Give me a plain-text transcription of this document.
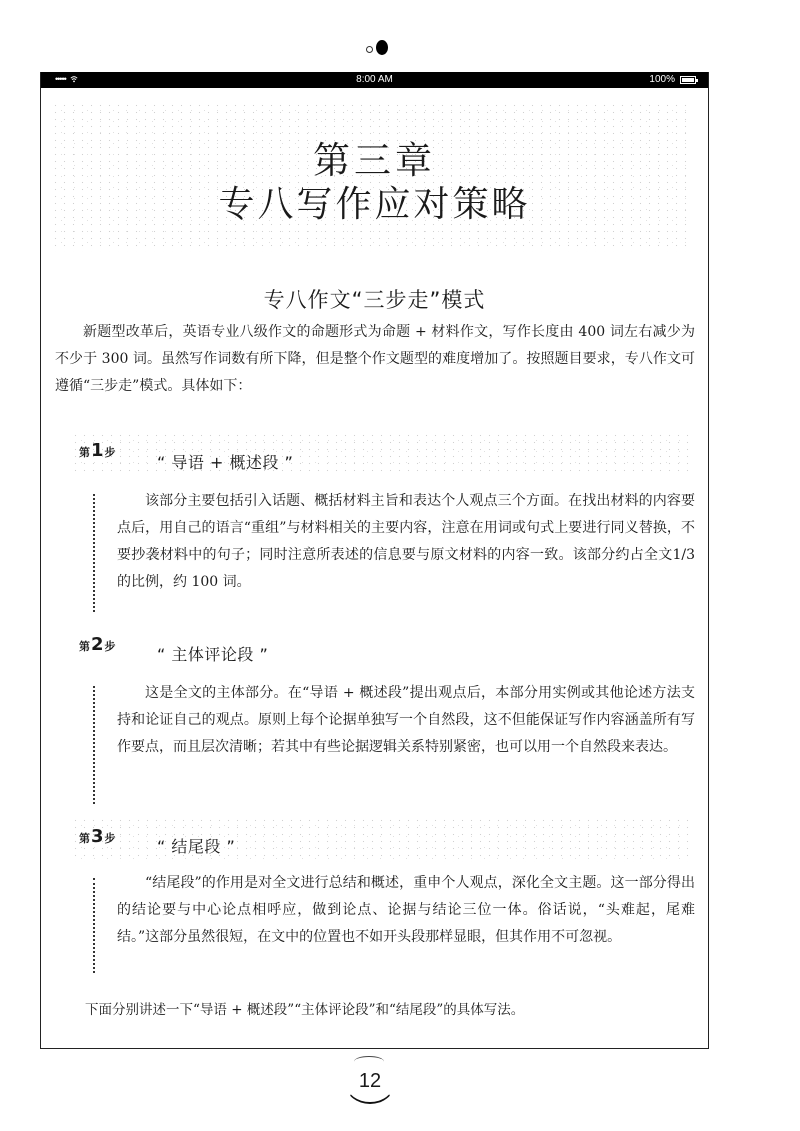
•••••	8:00 AM	100%
第三章
专八写作应对策略
专八作文“三步走”模式
新题型改革后，英语专业八级作文的命题形式为命题 + 材料作文，写作长度由 400 词左右减少为不少于 300 词。虽然写作词数有所下降，但是整个作文题型的难度增加了。按照题目要求，专八作文可遵循“三步走”模式。具体如下：
第 1 步
“ 导语 + 概述段 ”
该部分主要包括引入话题、概括材料主旨和表达个人观点三个方面。在找出材料的内容要点后，用自己的语言“重组”与材料相关的主要内容，注意在用词或句式上要进行同义替换，不要抄袭材料中的句子；同时注意所表述的信息要与原文材料的内容一致。该部分约占全文1/3的比例，约 100 词。
第 2 步	“ 主体评论段 ”
这是全文的主体部分。在“导语 + 概述段”提出观点后，本部分用实例或其他论述方法支持和论证自己的观点。原则上每个论据单独写一个自然段，这不但能保证写作内容涵盖所有写作要点，而且层次清晰；若其中有些论据逻辑关系特别紧密，也可以用一个自然段来表达。
第 3 步	“ 结尾段 ”
“结尾段”的作用是对全文进行总结和概述，重申个人观点，深化全文主题。这一部分得出的结论要与中心论点相呼应，做到论点、论据与结论三位一体。俗话说，“头难起，尾难结。”这部分虽然很短，在文中的位置也不如开头段那样显眼，但其作用不可忽视。
下面分别讲述一下“导语 + 概述段”“主体评论段”和“结尾段”的具体写法。
12
